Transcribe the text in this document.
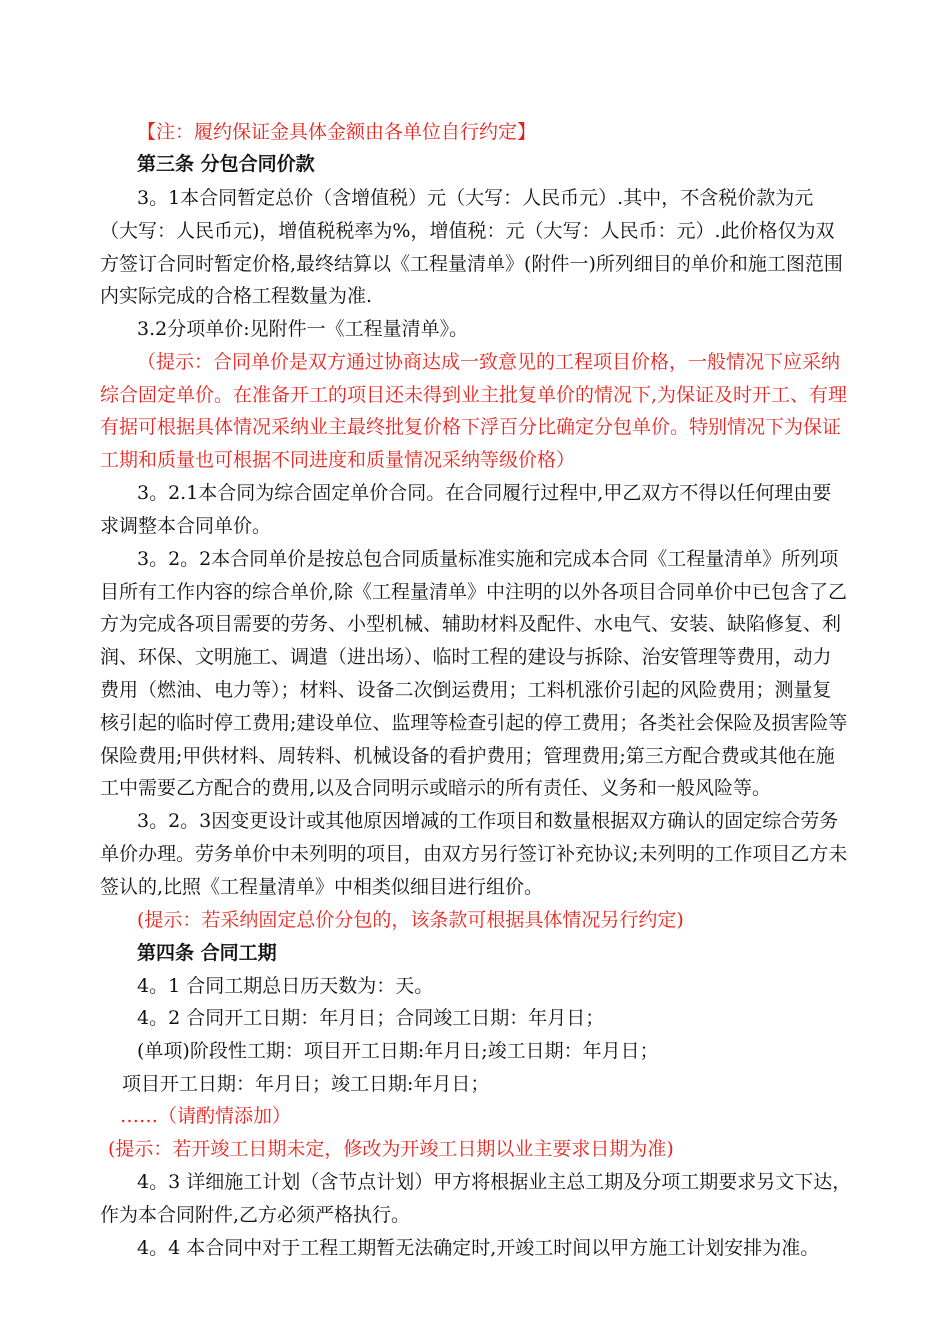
【注：履约保证金具体金额由各单位自行约定】
第三条 分包合同价款
3。1本合同暂定总价（含增值税）元（大写：人民币元）.其中，不含税价款为元
（大写：人民币元)，增值税税率为%，增值税：元（大写：人民币：元）.此价格仅为双
方签订合同时暂定价格,最终结算以《工程量清单》(附件一)所列细目的单价和施工图范围
内实际完成的合格工程数量为准.
3.2分项单价:见附件一《工程量清单》。
（提示：合同单价是双方通过协商达成一致意见的工程项目价格，一般情况下应采纳
综合固定单价。在准备开工的项目还未得到业主批复单价的情况下,为保证及时开工、有理
有据可根据具体情况采纳业主最终批复价格下浮百分比确定分包单价。特别情况下为保证
工期和质量也可根据不同进度和质量情况采纳等级价格）
3。2.1本合同为综合固定单价合同。在合同履行过程中,甲乙双方不得以任何理由要
求调整本合同单价。
3。2。2本合同单价是按总包合同质量标准实施和完成本合同《工程量清单》所列项
目所有工作内容的综合单价,除《工程量清单》中注明的以外各项目合同单价中已包含了乙
方为完成各项目需要的劳务、小型机械、辅助材料及配件、水电气、安装、缺陷修复、利
润、环保、文明施工、调遣（进出场）、临时工程的建设与拆除、治安管理等费用，动力
费用（燃油、电力等）；材料、设备二次倒运费用；工料机涨价引起的风险费用；测量复
核引起的临时停工费用;建设单位、监理等检查引起的停工费用；各类社会保险及损害险等
保险费用;甲供材料、周转料、机械设备的看护费用；管理费用;第三方配合费或其他在施
工中需要乙方配合的费用,以及合同明示或暗示的所有责任、义务和一般风险等。
3。2。3因变更设计或其他原因增减的工作项目和数量根据双方确认的固定综合劳务
单价办理。劳务单价中未列明的项目，由双方另行签订补充协议;未列明的工作项目乙方未
签认的,比照《工程量清单》中相类似细目进行组价。
(提示：若采纳固定总价分包的，该条款可根据具体情况另行约定)
第四条 合同工期
4。1 合同工期总日历天数为：天。
4。2 合同开工日期：年月日；合同竣工日期：年月日；
(单项)阶段性工期：项目开工日期:年月日;竣工日期：年月日；
项目开工日期：年月日；竣工日期:年月日；
……（请酌情添加）
(提示：若开竣工日期未定，修改为开竣工日期以业主要求日期为准)
4。3 详细施工计划（含节点计划）甲方将根据业主总工期及分项工期要求另文下达，
作为本合同附件,乙方必须严格执行。
4。4 本合同中对于工程工期暂无法确定时,开竣工时间以甲方施工计划安排为准。
